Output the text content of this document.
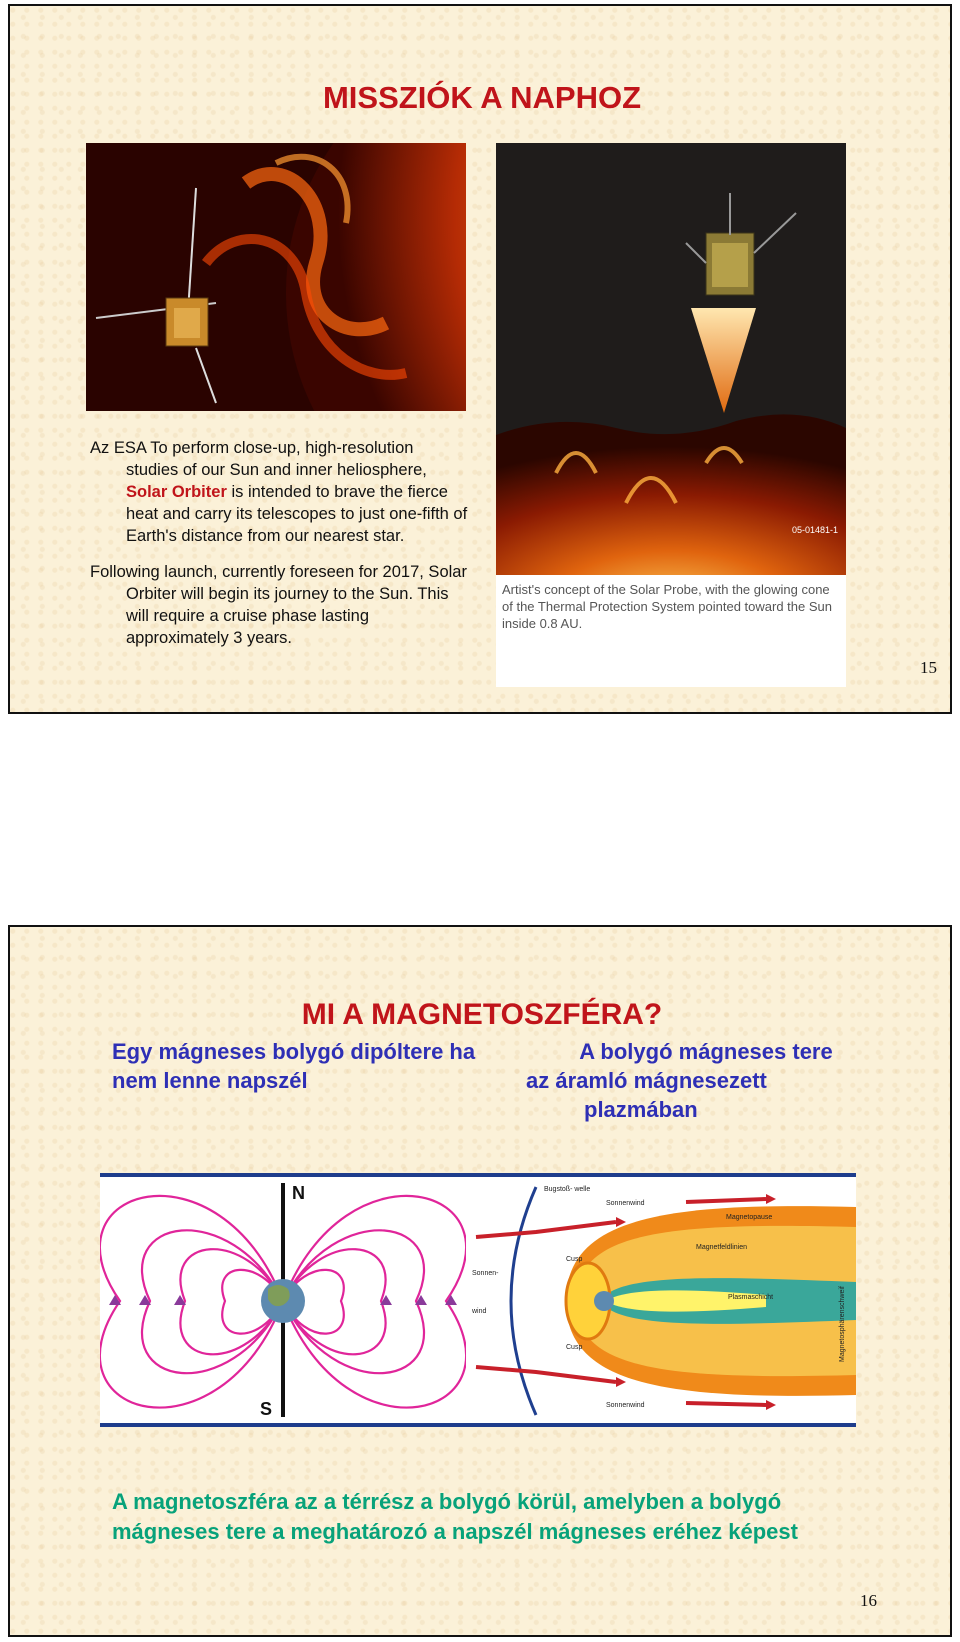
MISSZIÓK A NAPHOZ
05-01481-1
Artist's concept of the Solar Probe, with the glowing cone of the Thermal Protection System pointed toward the Sun inside 0.8 AU.

Az ESA To perform close-up, high-resolution studies of our Sun and inner heliosphere, Solar Orbiter is intended to brave the fierce heat and carry its telescopes to just one-fifth of Earth's distance from our nearest star.

Following launch, currently foreseen for 2017, Solar Orbiter will begin its journey to the Sun. This will require a cruise phase lasting approximately 3 years.

15
MI A MAGNETOSZFÉRA?
Egy mágneses bolygó dipóltere ha nem lenne napszél
A bolygó mágneses tere
az áramló mágnesezett
plazmában
N
S
Bugstoß- welle
Sonnenwind
Sonnenwind
Sonnen-
wind
Magnetopause
Magnetfeldlinien
Cusp
Cusp
Plasmaschicht	Magnetosphärenschweif
A magnetoszféra az a térrész a bolygó körül, amelyben a bolygó mágneses tere a meghatározó a napszél mágneses eréhez képest
16
